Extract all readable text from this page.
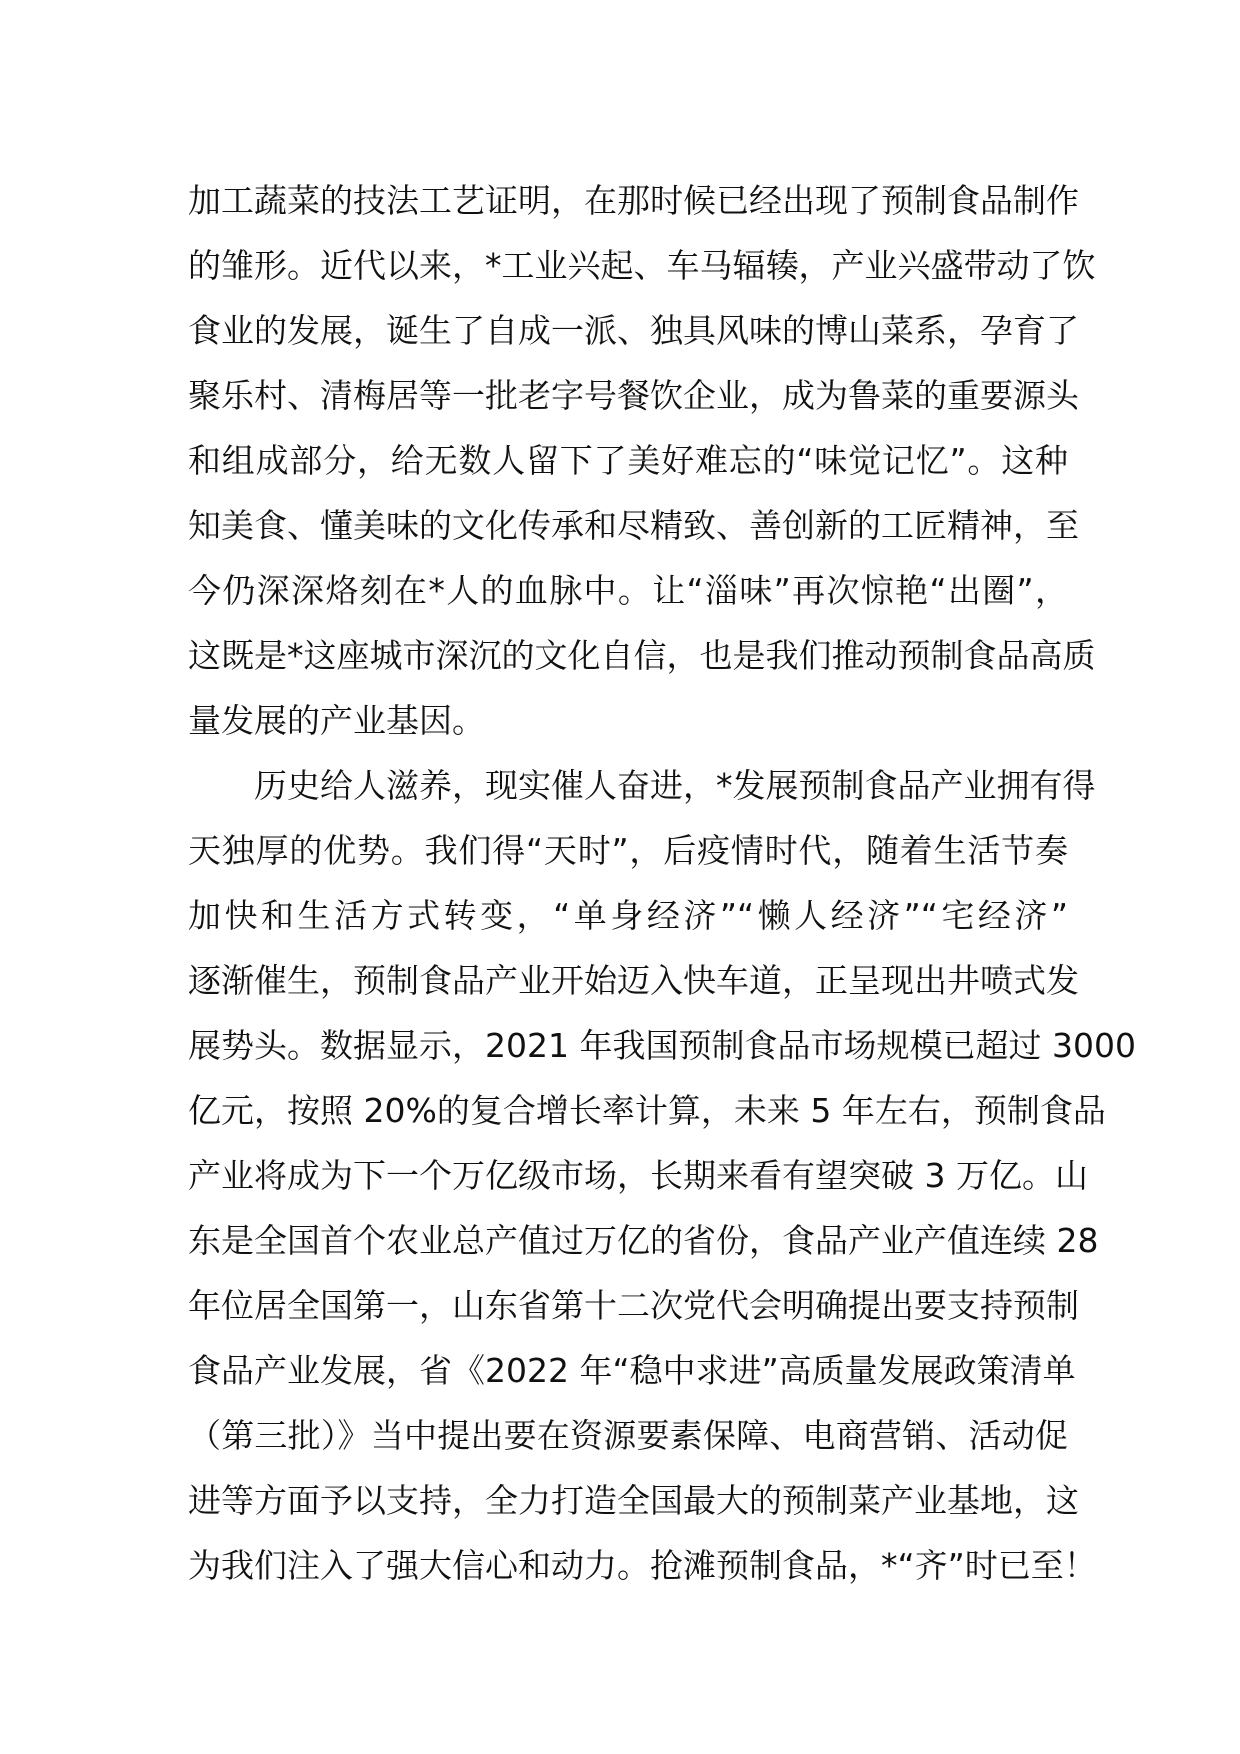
加工蔬菜的技法工艺证明，在那时候已经出现了预制食品制作
的雏形。近代以来，*工业兴起、车马辐辏，产业兴盛带动了饮
食业的发展，诞生了自成一派、独具风味的博山菜系，孕育了
聚乐村、清梅居等一批老字号餐饮企业，成为鲁菜的重要源头
和组成部分，给无数人留下了美好难忘的“味觉记忆”。这种
知美食、懂美味的文化传承和尽精致、善创新的工匠精神，至
今仍深深烙刻在*人的血脉中。让“淄味”再次惊艳“出圈”，
这既是*这座城市深沉的文化自信，也是我们推动预制食品高质
量发展的产业基因。
历史给人滋养，现实催人奋进，*发展预制食品产业拥有得
天独厚的优势。我们得“天时”，后疫情时代，随着生活节奏
加快和生活方式转变，“单身经济”“懒人经济”“宅经济”
逐渐催生，预制食品产业开始迈入快车道，正呈现出井喷式发
展势头。数据显示，2021 年我国预制食品市场规模已超过 3000
亿元，按照 20%的复合增长率计算，未来 5 年左右，预制食品
产业将成为下一个万亿级市场，长期来看有望突破 3 万亿。山
东是全国首个农业总产值过万亿的省份，食品产业产值连续 28
年位居全国第一，山东省第十二次党代会明确提出要支持预制
食品产业发展，省《2022 年“稳中求进”高质量发展政策清单
（第三批）》当中提出要在资源要素保障、电商营销、活动促
进等方面予以支持，全力打造全国最大的预制菜产业基地，这
为我们注入了强大信心和动力。抢滩预制食品，*“齐”时已至！
